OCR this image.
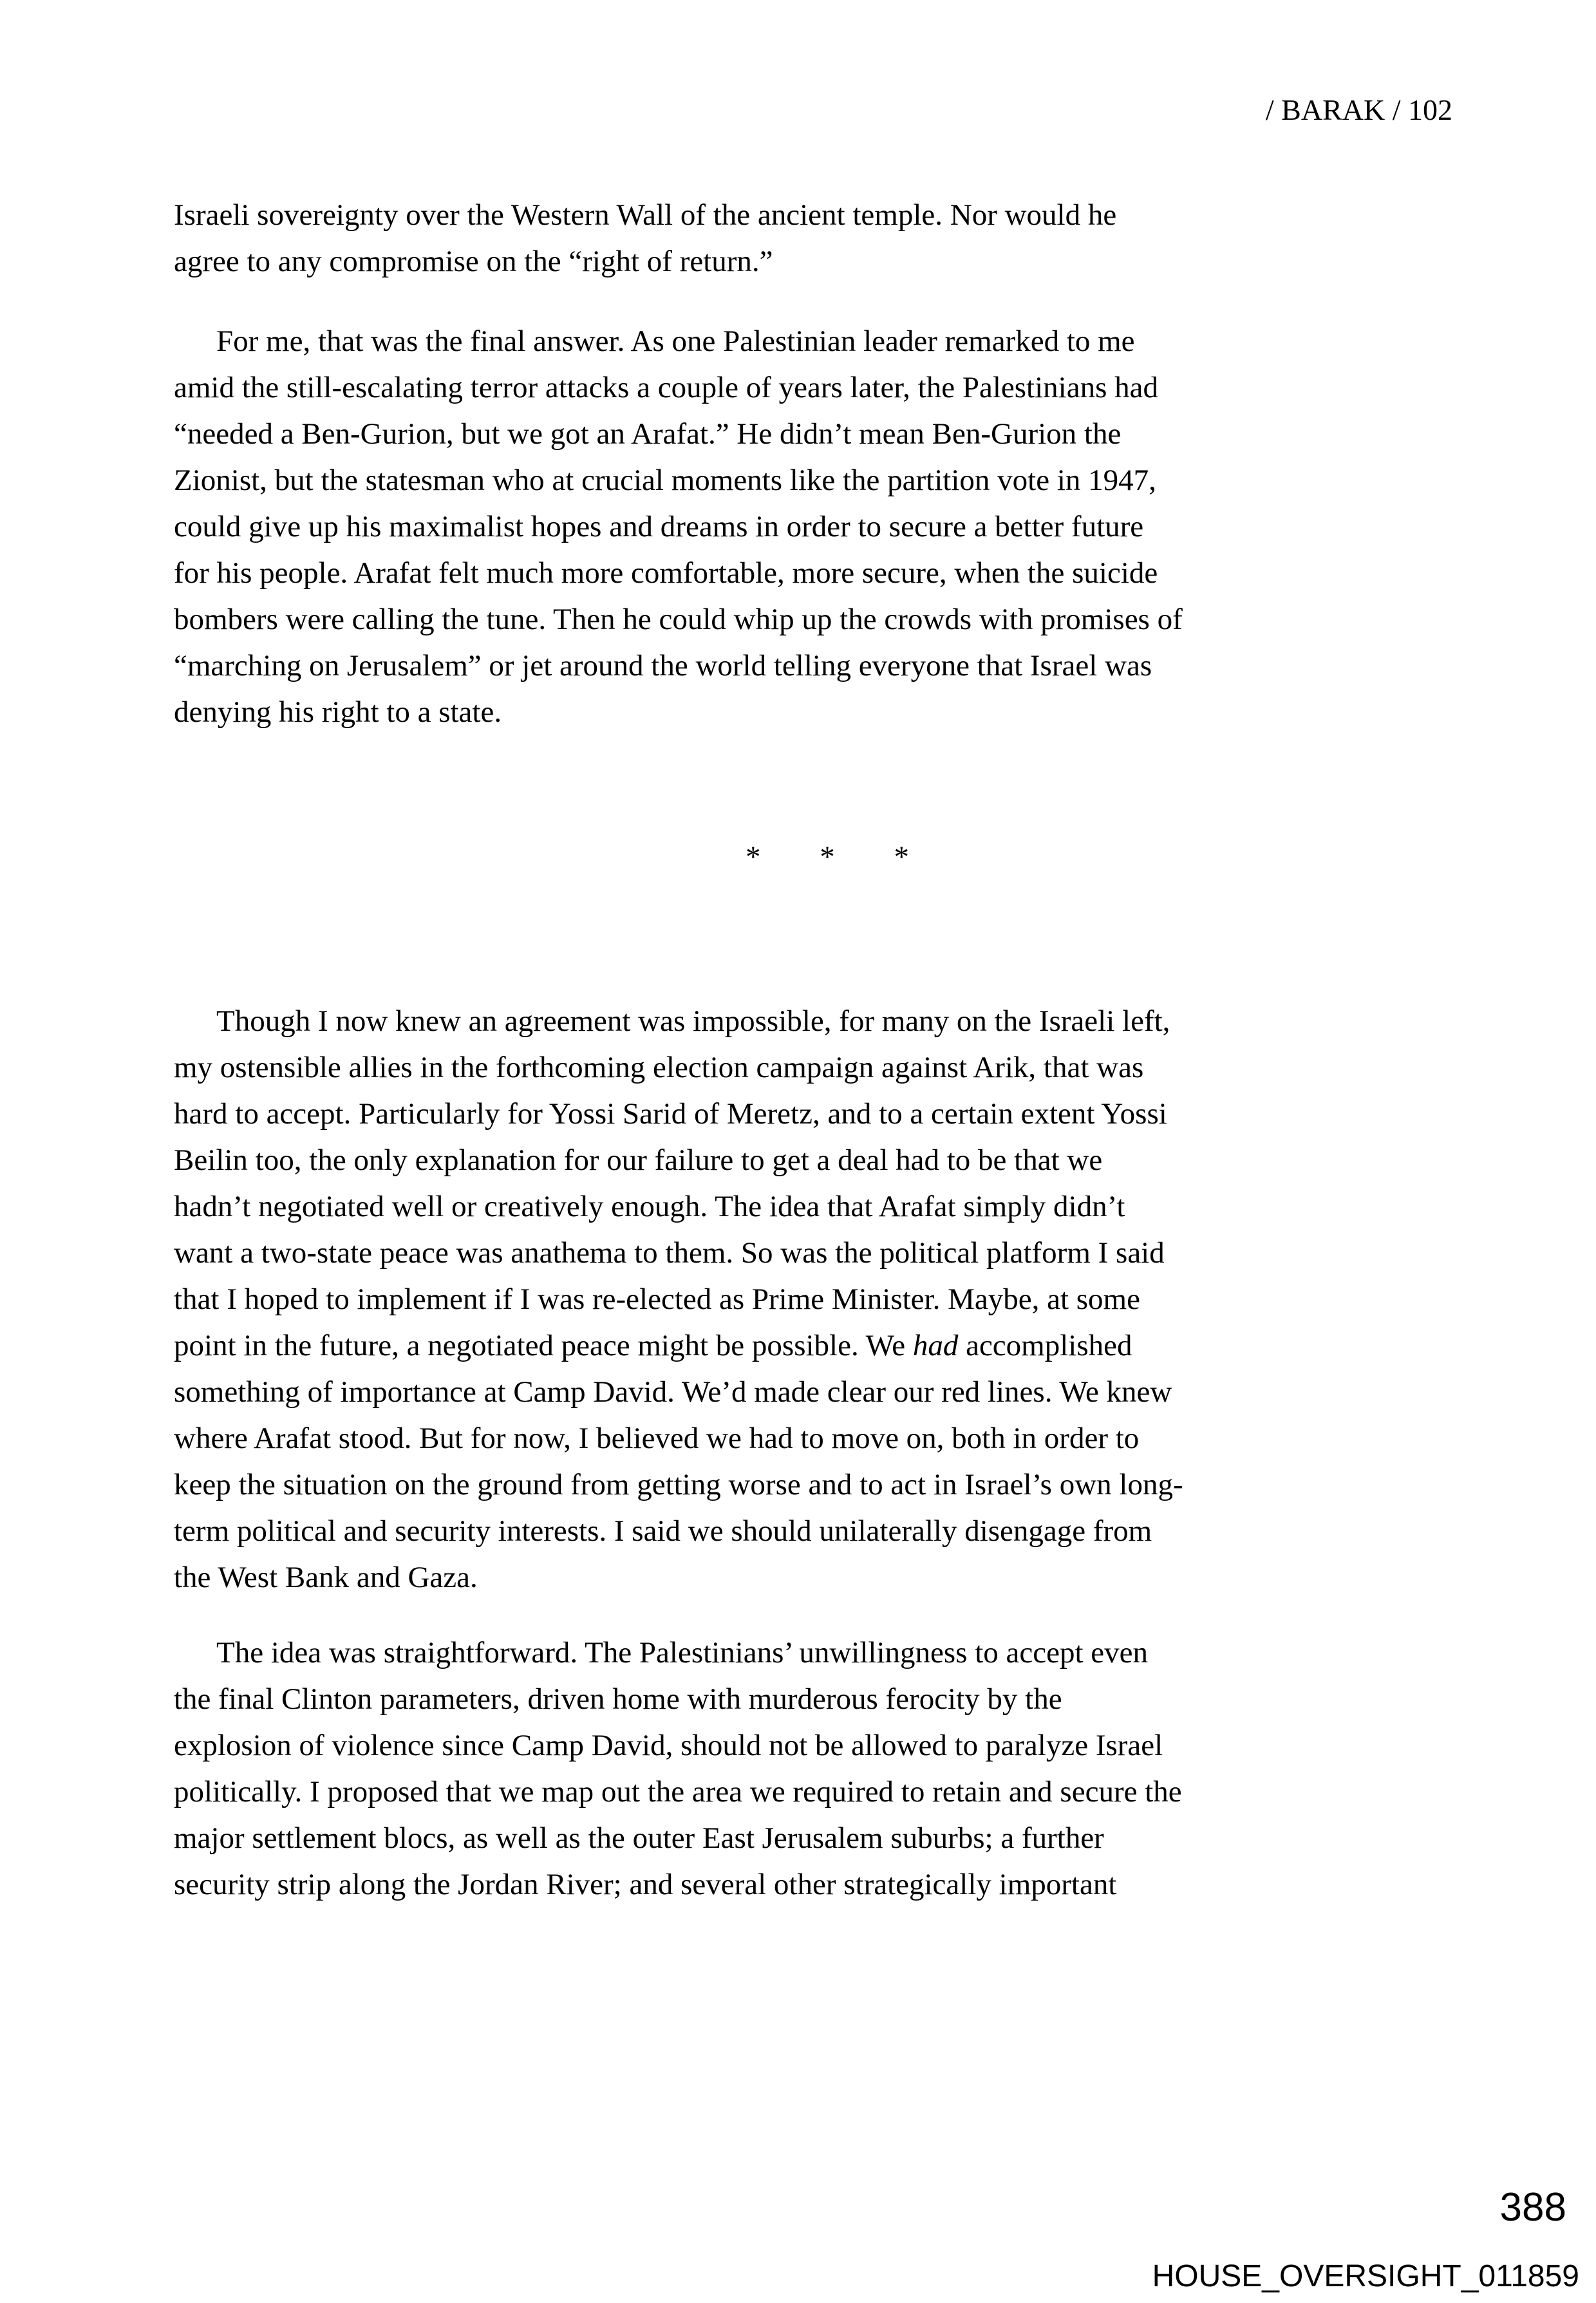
/ BARAK / 102
Israeli sovereignty over the Western Wall of the ancient temple. Nor would he
agree to any compromise on the “right of return.”
For me, that was the final answer. As one Palestinian leader remarked to me
amid the still-escalating terror attacks a couple of years later, the Palestinians had
“needed a Ben-Gurion, but we got an Arafat.” He didn’t mean Ben-Gurion the
Zionist, but the statesman who at crucial moments like the partition vote in 1947,
could give up his maximalist hopes and dreams in order to secure a better future
for his people. Arafat felt much more comfortable, more secure, when the suicide
bombers were calling the tune. Then he could whip up the crowds with promises of
“marching on Jerusalem” or jet around the world telling everyone that Israel was
denying his right to a state.
* * *
Though I now knew an agreement was impossible, for many on the Israeli left,
my ostensible allies in the forthcoming election campaign against Arik, that was
hard to accept. Particularly for Yossi Sarid of Meretz, and to a certain extent Yossi
Beilin too, the only explanation for our failure to get a deal had to be that we
hadn’t negotiated well or creatively enough. The idea that Arafat simply didn’t
want a two-state peace was anathema to them. So was the political platform I said
that I hoped to implement if I was re-elected as Prime Minister. Maybe, at some
point in the future, a negotiated peace might be possible. We had accomplished
something of importance at Camp David. We’d made clear our red lines. We knew
where Arafat stood. But for now, I believed we had to move on, both in order to
keep the situation on the ground from getting worse and to act in Israel’s own long-
term political and security interests. I said we should unilaterally disengage from
the West Bank and Gaza.
The idea was straightforward. The Palestinians’ unwillingness to accept even
the final Clinton parameters, driven home with murderous ferocity by the
explosion of violence since Camp David, should not be allowed to paralyze Israel
politically. I proposed that we map out the area we required to retain and secure the
major settlement blocs, as well as the outer East Jerusalem suburbs; a further
security strip along the Jordan River; and several other strategically important
388
HOUSE_OVERSIGHT_011859
